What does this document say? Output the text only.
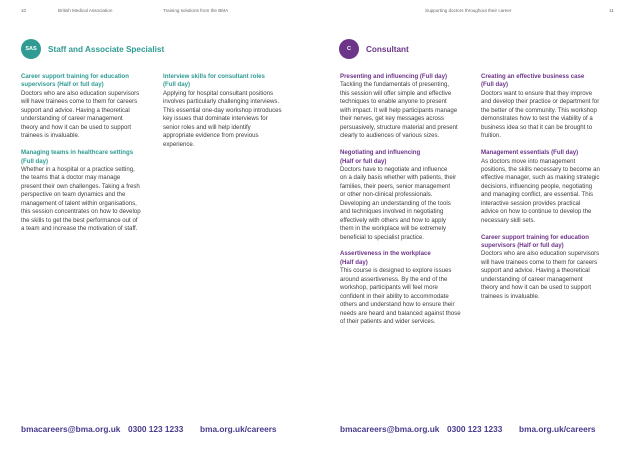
10	British Medical Association	Training solutions from the BMA	Supporting doctors throughout their career	11
SAS	Staff and Associate Specialist	C	Consultant
Career support training for education
supervisors (Half or full day)
Doctors who are also education supervisors
will have trainees come to them for careers
support and advice. Having a theoretical
understanding of career management
theory and how it can be used to support
trainees is invaluable.
Managing teams in healthcare settings
(Full day)
Whether in a hospital or a practice setting,
the teams that a doctor may manage
present their own challenges. Taking a fresh
perspective on team dynamics and the
management of talent within organisations,
this session concentrates on how to develop
the skills to get the best performance out of
a team and increase the motivation of staff.
Interview skills for consultant roles
(Full day)
Applying for hospital consultant positions
involves particularly challenging interviews.
This essential one-day workshop introduces
key issues that dominate interviews for
senior roles and will help identify
appropriate evidence from previous
experience.
Presenting and influencing (Full day)
Tackling the fundamentals of presenting,
this session will offer simple and effective
techniques to enable anyone to present
with impact. It will help participants manage
their nerves, get key messages across
persuasively, structure material and present
clearly to audiences of various sizes.
Negotiating and influencing
(Half or full day)
Doctors have to negotiate and influence
on a daily basis whether with patients, their
families, their peers, senior management
or other non-clinical professionals.
Developing an understanding of the tools
and techniques involved in negotiating
effectively with others and how to apply
them in the workplace will be extremely
beneficial to specialist practice.
Assertiveness in the workplace
(Half day)
This course is designed to explore issues
around assertiveness. By the end of the
workshop, participants will feel more
confident in their ability to accommodate
others and understand how to ensure their
needs are heard and balanced against those
of their patients and wider services.
Creating an effective business case
(Full day)
Doctors want to ensure that they improve
and develop their practice or department for
the better of the community. This workshop
demonstrates how to test the viability of a
business idea so that it can be brought to
fruition.
Management essentials (Full day)
As doctors move into management
positions, the skills necessary to become an
effective manager, such as making strategic
decisions, influencing people, negotiating
and managing conflict, are essential. This
interactive session provides practical
advice on how to continue to develop the
necessary skill sets.
Career support training for education
supervisors (Half or full day)
Doctors who are also education supervisors
will have trainees come to them for careers
support and advice. Having a theoretical
understanding of career management
theory and how it can be used to support
trainees is invaluable.
bmacareers@bma.org.uk 0300 123 1233	bma.org.uk/careers	bmacareers@bma.org.uk 0300 123 1233	bma.org.uk/careers
